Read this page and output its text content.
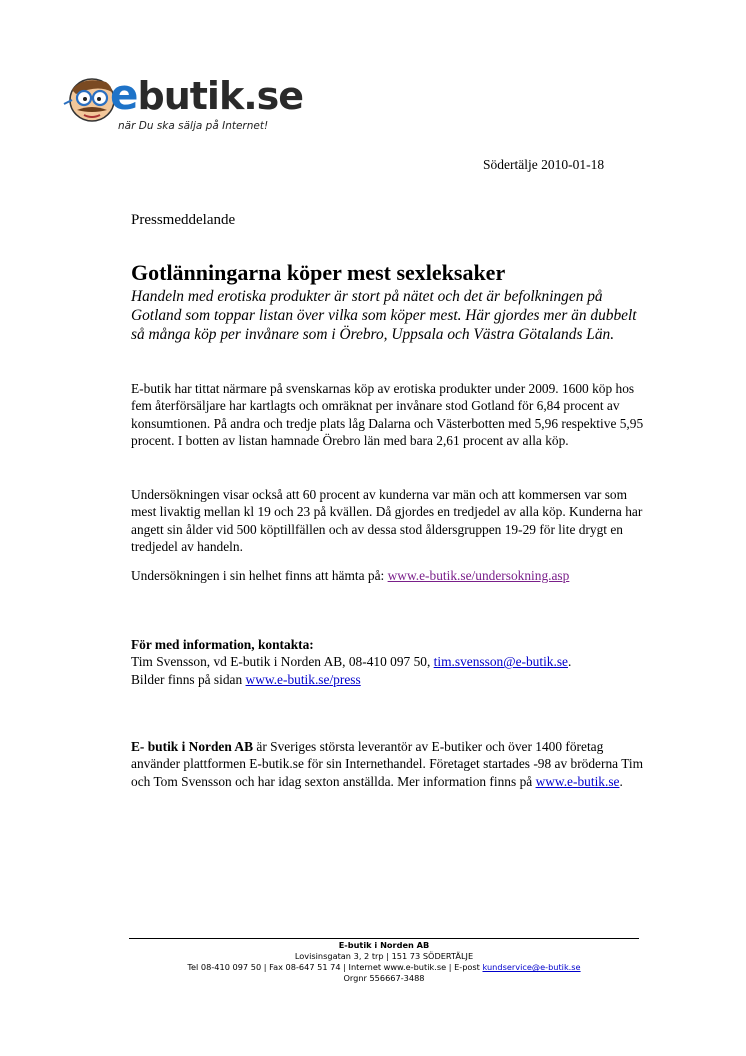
ebutik.se
när Du ska sälja på Internet!
Södertälje 2010-01-18
Pressmeddelande
Gotlänningarna köper mest sexleksaker

Handeln med erotiska produkter är stort på nätet och det är befolkningen på Gotland som toppar listan över vilka som köper mest. Här gjordes mer än dubbelt så många köp per invånare som i Örebro, Uppsala och Västra Götalands Län.

E-butik har tittat närmare på svenskarnas köp av erotiska produkter under 2009. 1600 köp hos fem återförsäljare har kartlagts och omräknat per invånare stod Gotland för 6,84 procent av konsumtionen. På andra och tredje plats låg Dalarna och Västerbotten med 5,96 respektive 5,95 procent. I botten av listan hamnade Örebro län med bara 2,61 procent av alla köp.

Undersökningen visar också att 60 procent av kunderna var män och att kommersen var som mest livaktig mellan kl 19 och 23 på kvällen. Då gjordes en tredjedel av alla köp. Kunderna har angett sin ålder vid 500 köptillfällen och av dessa stod åldersgruppen 19-29 för lite drygt en tredjedel av handeln.

Undersökningen i sin helhet finns att hämta på: www.e-butik.se/undersokning.asp

För med information, kontakta:
Tim Svensson, vd E-butik i Norden AB, 08-410 097 50, tim.svensson@e-butik.se.
Bilder finns på sidan www.e-butik.se/press
E- butik i Norden AB är Sveriges största leverantör av E-butiker och över 1400 företag använder plattformen E-butik.se för sin Internethandel. Företaget startades -98 av bröderna Tim och Tom Svensson och har idag sexton anställda. Mer information finns på www.e-butik.se.
E-butik i Norden AB
Lovisinsgatan 3, 2 trp | 151 73 SÖDERTÄLJE
Tel 08-410 097 50 | Fax 08-647 51 74 | Internet www.e-butik.se | E-post kundservice@e-butik.se
Orgnr 556667-3488
